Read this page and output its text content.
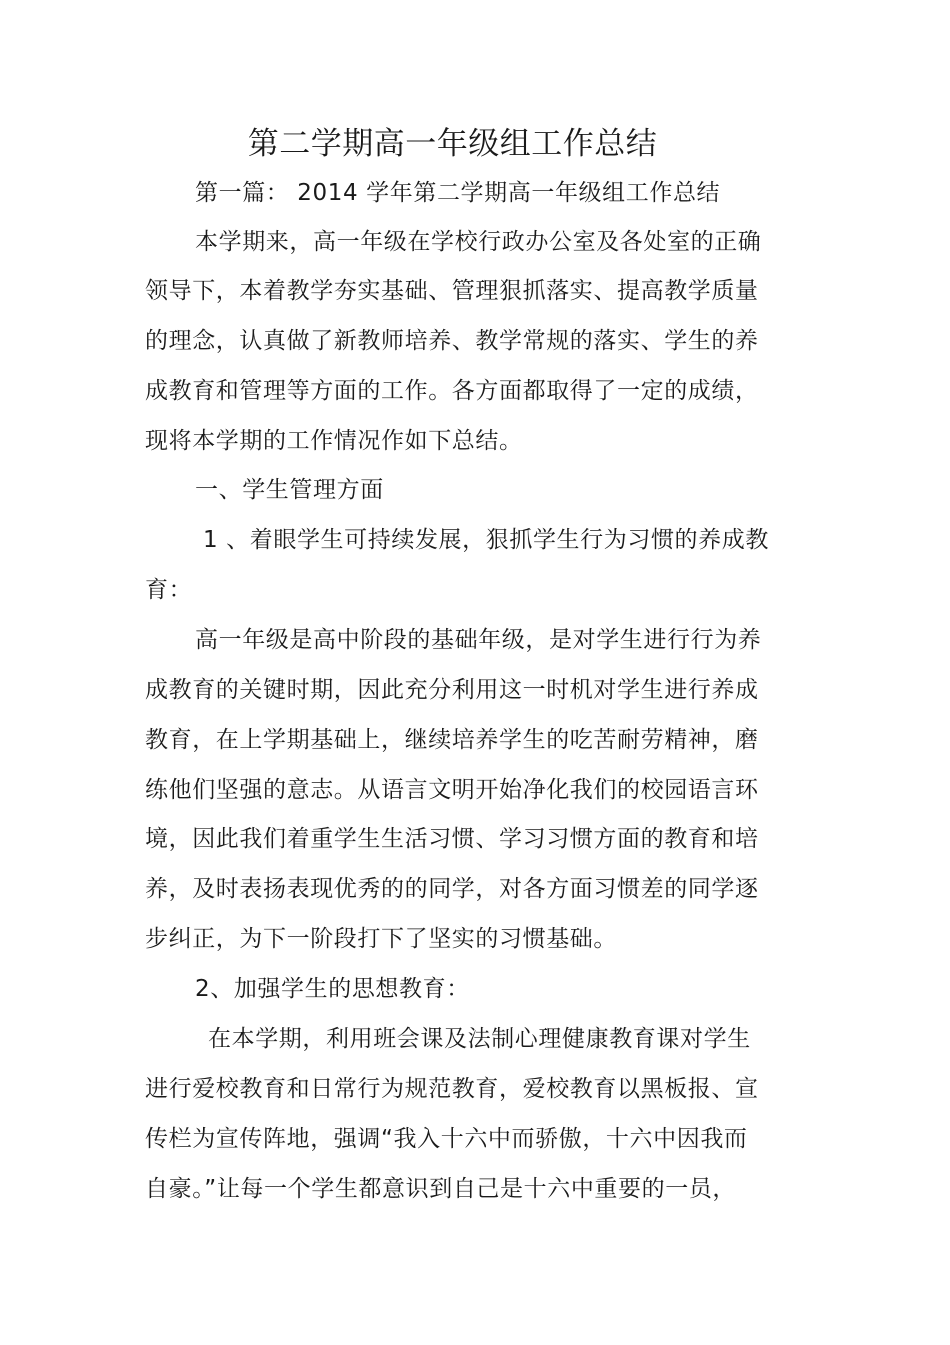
第二学期高一年级组工作总结

第一篇： 2014 学年第二学期高一年级组工作总结

本学期来，高一年级在学校行政办公室及各处室的正确

领导下，本着教学夯实基础、管理狠抓落实、提高教学质量

的理念，认真做了新教师培养、教学常规的落实、学生的养

成教育和管理等方面的工作。各方面都取得了一定的成绩，

现将本学期的工作情况作如下总结。

一、学生管理方面

1 、着眼学生可持续发展，狠抓学生行为习惯的养成教

育：

高一年级是高中阶段的基础年级，是对学生进行行为养

成教育的关键时期，因此充分利用这一时机对学生进行养成

教育，在上学期基础上，继续培养学生的吃苦耐劳精神，磨

练他们坚强的意志。从语言文明开始净化我们的校园语言环

境，因此我们着重学生生活习惯、学习习惯方面的教育和培

养，及时表扬表现优秀的的同学，对各方面习惯差的同学逐

步纠正，为下一阶段打下了坚实的习惯基础。

2、加强学生的思想教育：

在本学期，利用班会课及法制心理健康教育课对学生

进行爱校教育和日常行为规范教育，爱校教育以黑板报、宣

传栏为宣传阵地，强调“我入十六中而骄傲，十六中因我而

自豪。”让每一个学生都意识到自己是十六中重要的一员，
